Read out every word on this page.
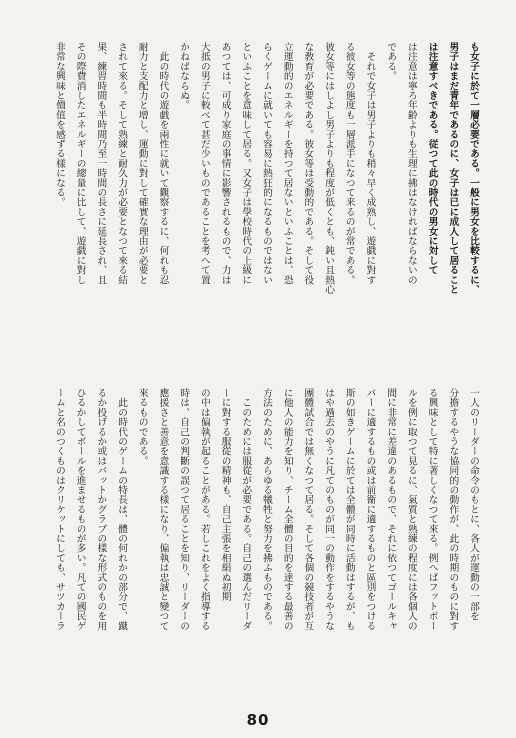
も女子に於て一層必要である。一般に男女を比較するに、
男子はまだ青年であるのに、女子は已に成人して居ること
は注意すべきである。従つて此の時代の男女に対して
は注意は寧ろ年齢よりも生理に拂はなければならないの
である。
　それで女子は男子よりも稍々早く成熟し、遊戯に對す
る彼女等の態度も一層派手になつて来るのが常である。
彼女等にはしよし男子よりも程度が低くとも、鈍い且熱心
な敎育が必要である。彼女等は受動的である。そして役
立運動的のエネルギーを持つて居ないといふことは、恐
らくゲームに就いても容易に熱狂的になるものではない
といふことを意味して居る。又女子は學校時代の上級に
あつては、可成り家庭の事情に影響されるもので、力は
大抵の男子に較べて甚だ少いものであることを考へて置
かねばならぬ。
　此の時代の遊戯を兩性に就いて觀察するに、何れも忍
耐力と支配力と增し、運動に對して確實な理由が必要と
されて來る。そして熟練と耐久力が必要となつて來る結
果、練習時間も半時間乃至一時間の長さに延長され、且
その際費消したエネルギーの總量に比して、遊戯に對し
非常な興味と價值を感ずる樣になる。
一人のリーダーの命令のもとに、各人が運動の一部を
分擔するやうな協同的の動作が、此の時期のものに對す
る興味として特に著しくなつて來る。例へばフットボー
ルを例に取つて見るに、氣質と熟練の程度には各個人の
間に非常に差違のあるもので、それに依つてゴールキャ
パーに適するもの或は前衞に適するものと區別をつける
斯の如きゲームに於ては全體が同時に活動はするが、も
はや過去のやうに凡てのものが同一の動作をするやうな
團體試合では無くなつて居る。そして各個の競技者が互
に他人の能力を知り、チーム全體の目的を達する最善の
方法のために、あらゆる犧牲と努力を拂ふものである。
　このためには服從が必要である。自己の選んだリーダ
ーに對する服從の精神も、自己主張を相絹ぬ初期
の中は偏執が起ることがある。若しこれをよく指導する
時は、自己の判斷の誤つて居ることを知り、リーダーの
應援さと善意を意識する樣になり、偏執は忠誠と變つて
來るものである。
　此の時代のゲームの特長は、體の何れかの部分で、蹴
るか投げるか或はバットかグラブの樣な形式のものを用
ひるかしてボールを進ませるものが多い。凡ての國民ゲ
ームと名のつくものはクリケットにしても、サツカーラ
80
